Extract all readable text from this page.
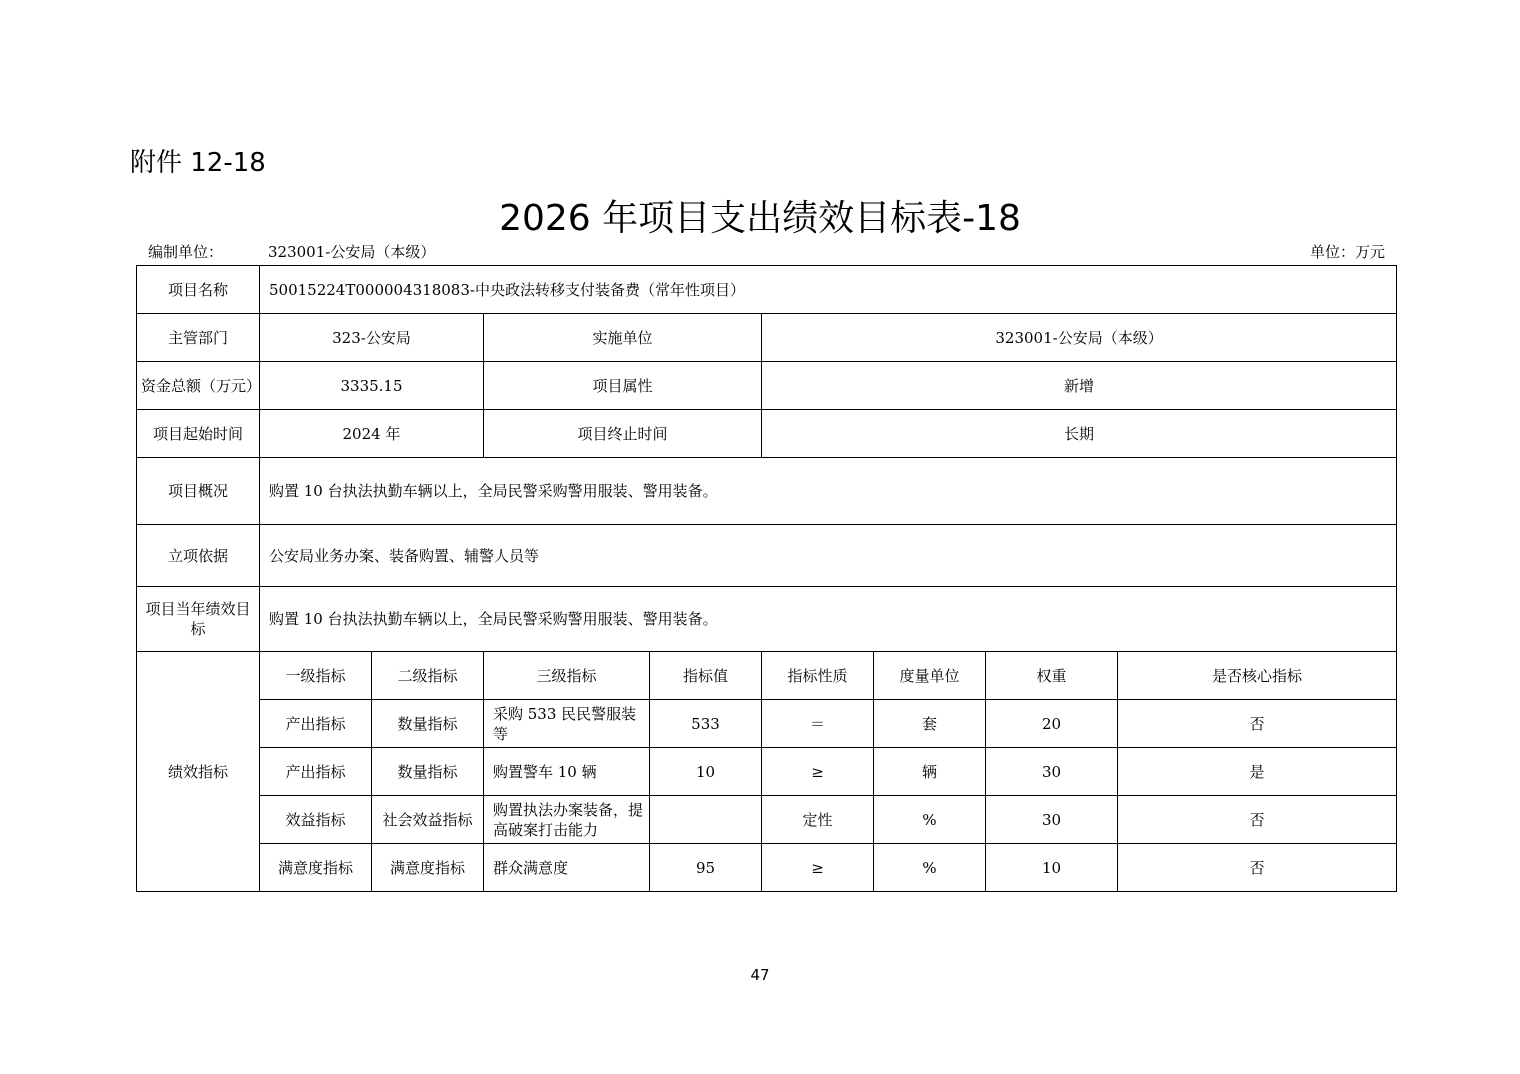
附件 12-18
2026 年项目支出绩效目标表-18
编制单位：	323001-公安局（本级）	单位：万元
项目名称	50015224T000004318083-中央政法转移支付装备费（常年性项目）							
主管部门	323-公安局		实施单位		323001-公安局（本级）			
资金总额（万元）	3335.15		项目属性		新增			
项目起始时间	2024 年		项目终止时间		长期			
项目概况	购置 10 台执法执勤车辆以上，全局民警采购警用服装、警用装备。							
立项依据	公安局业务办案、装备购置、辅警人员等							
项目当年绩效目标	购置 10 台执法执勤车辆以上，全局民警采购警用服装、警用装备。							
绩效指标	一级指标	二级指标	三级指标	指标值	指标性质	度量单位	权重	是否核心指标
	产出指标	数量指标	采购 533 民民警服装等	533	＝	套	20	否
	产出指标	数量指标	购置警车 10 辆	10	≥	辆	30	是
	效益指标	社会效益指标	购置执法办案装备，提高破案打击能力		定性	%	30	否
	满意度指标	满意度指标	群众满意度	95	≥	%	10	否
47
